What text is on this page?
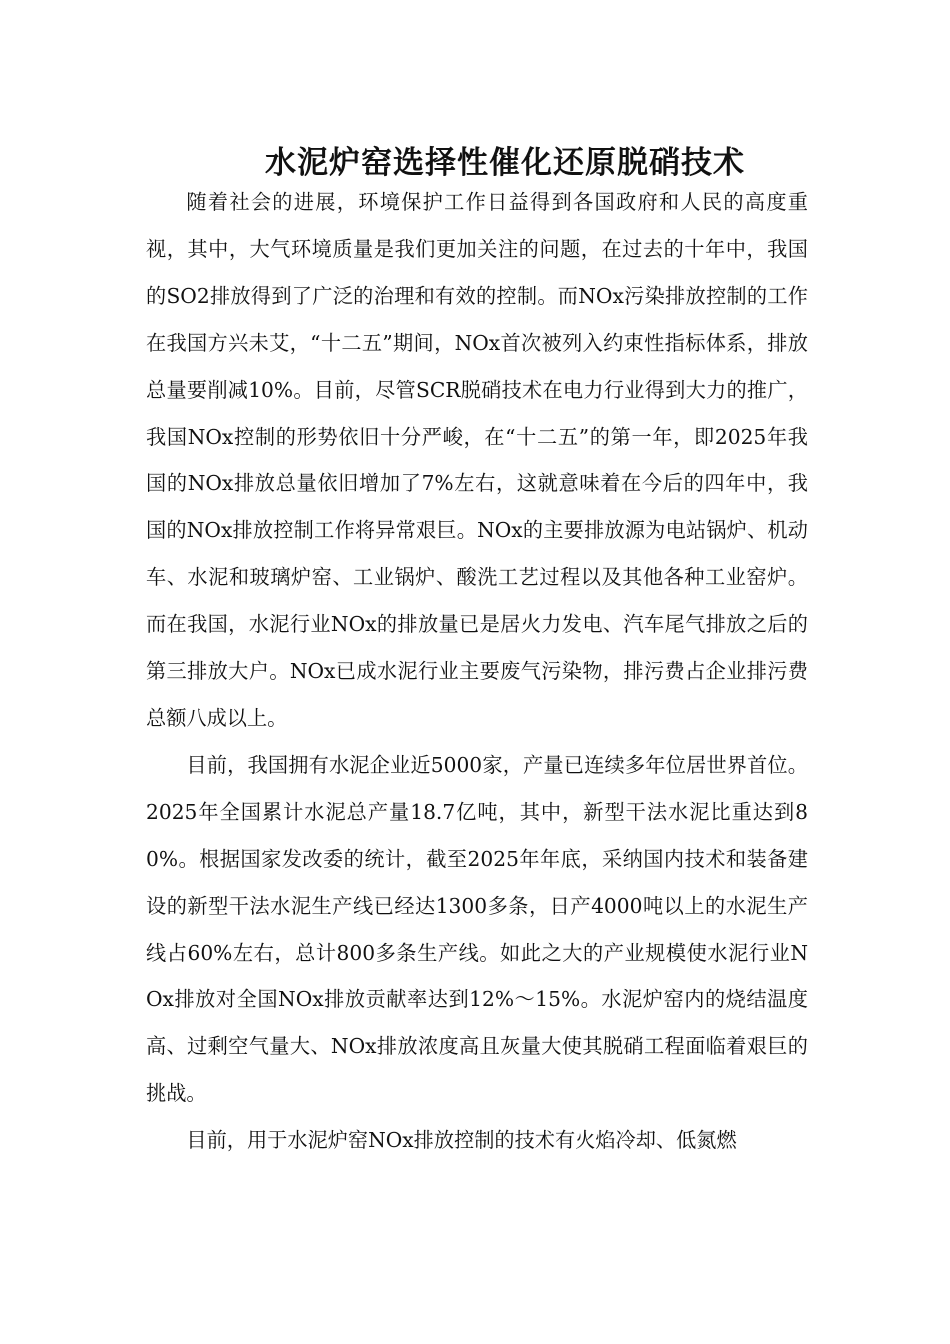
水泥炉窑选择性催化还原脱硝技术

随着社会的进展，环境保护工作日益得到各国政府和人民的高度重视，其中，大气环境质量是我们更加关注的问题，在过去的十年中，我国的SO2排放得到了广泛的治理和有效的控制。而NOx污染排放控制的工作在我国方兴未艾，“十二五”期间，NOx首次被列入约束性指标体系，排放总量要削减10%。目前，尽管SCR脱硝技术在电力行业得到大力的推广，我国NOx控制的形势依旧十分严峻，在“十二五”的第一年，即2025年我国的NOx排放总量依旧增加了7%左右，这就意味着在今后的四年中，我国的NOx排放控制工作将异常艰巨。NOx的主要排放源为电站锅炉、机动车、水泥和玻璃炉窑、工业锅炉、酸洗工艺过程以及其他各种工业窑炉。而在我国，水泥行业NOx的排放量已是居火力发电、汽车尾气排放之后的第三排放大户。NOx已成水泥行业主要废气污染物，排污费占企业排污费总额八成以上。

目前，我国拥有水泥企业近5000家，产量已连续多年位居世界首位。2025年全国累计水泥总产量18.7亿吨，其中，新型干法水泥比重达到80%。根据国家发改委的统计，截至2025年年底，采纳国内技术和装备建设的新型干法水泥生产线已经达1300多条，日产4000吨以上的水泥生产线占60%左右，总计800多条生产线。如此之大的产业规模使水泥行业NOx排放对全国NOx排放贡献率达到12%～15%。水泥炉窑内的烧结温度高、过剩空气量大、NOx排放浓度高且灰量大使其脱硝工程面临着艰巨的挑战。

目前，用于水泥炉窑NOx排放控制的技术有火焰冷却、低氮燃
